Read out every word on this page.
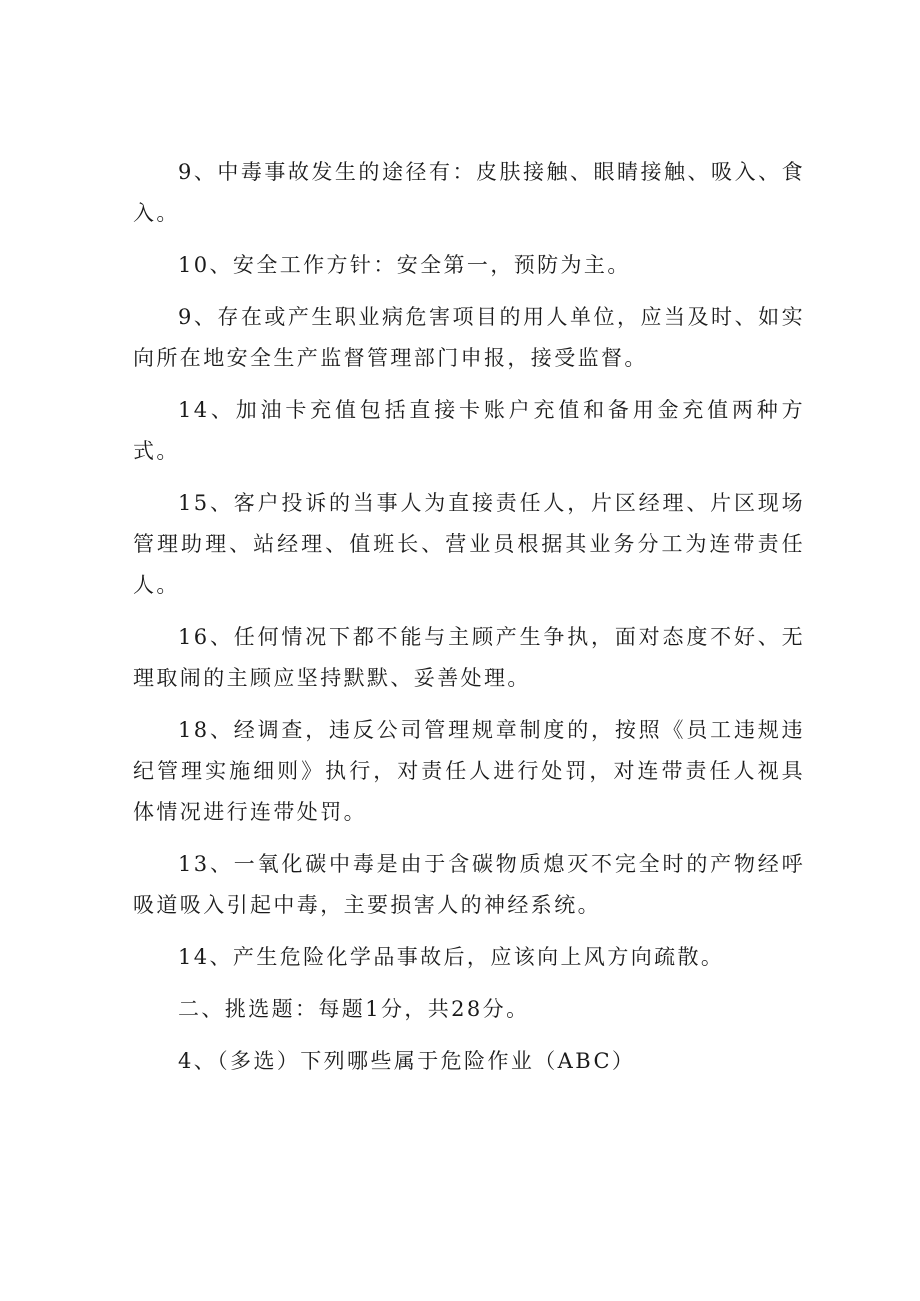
9、中毒事故发生的途径有：皮肤接触、眼睛接触、吸入、食入。

10、安全工作方针：安全第一，预防为主。

9、存在或产生职业病危害项目的用人单位，应当及时、如实向所在地安全生产监督管理部门申报，接受监督。

14、加油卡充值包括直接卡账户充值和备用金充值两种方式。

15、客户投诉的当事人为直接责任人，片区经理、片区现场管理助理、站经理、值班长、营业员根据其业务分工为连带责任人。

16、任何情况下都不能与主顾产生争执，面对态度不好、无理取闹的主顾应坚持默默、妥善处理。

18、经调查，违反公司管理规章制度的，按照《员工违规违纪管理实施细则》执行，对责任人进行处罚，对连带责任人视具体情况进行连带处罚。

13、一氧化碳中毒是由于含碳物质熄灭不完全时的产物经呼吸道吸入引起中毒，主要损害人的神经系统。

14、产生危险化学品事故后，应该向上风方向疏散。

二、挑选题：每题1分，共28分。

4、（多选）下列哪些属于危险作业（ABC）
